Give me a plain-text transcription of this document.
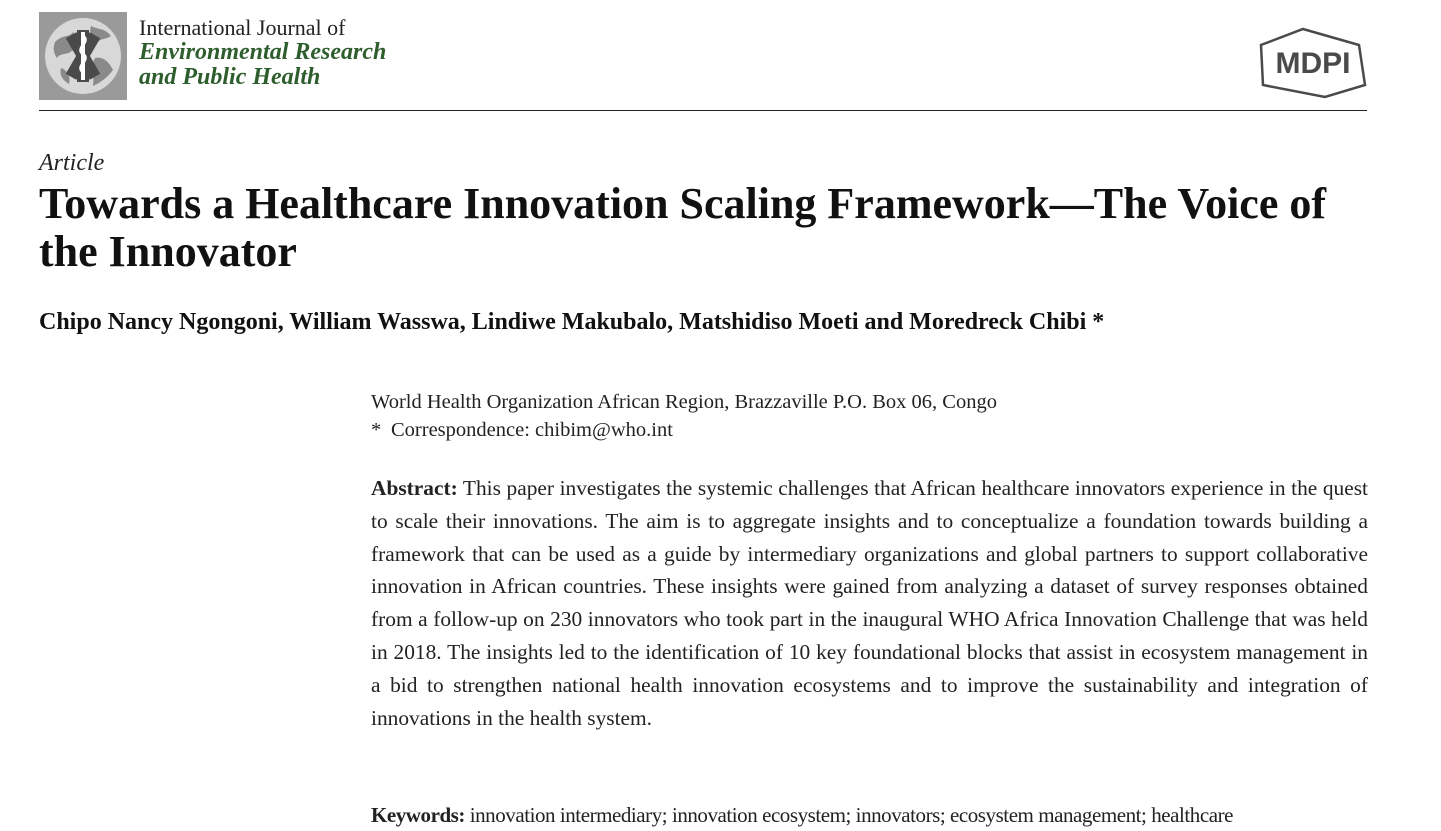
International Journal of
Environmental Research
and Public Health	MDPI
Article
Towards a Healthcare Innovation Scaling Framework—The Voice of the Innovator
Chipo Nancy Ngongoni, William Wasswa, Lindiwe Makubalo, Matshidiso Moeti and Moredreck Chibi *
World Health Organization African Region, Brazzaville P.O. Box 06, Congo
* Correspondence: chibim@who.int

Abstract: This paper investigates the systemic challenges that African healthcare innovators experience in the quest to scale their innovations. The aim is to aggregate insights and to conceptualize a foundation towards building a framework that can be used as a guide by intermediary organizations and global partners to support collaborative innovation in African countries. These insights were gained from analyzing a dataset of survey responses obtained from a follow-up on 230 innovators who took part in the inaugural WHO Africa Innovation Challenge that was held in 2018. The insights led to the identification of 10 key foundational blocks that assist in ecosystem management in a bid to strengthen national health innovation ecosystems and to improve the sustainability and integration of innovations in the health system.

Keywords: innovation intermediary; innovation ecosystem; innovators; ecosystem management; healthcare
